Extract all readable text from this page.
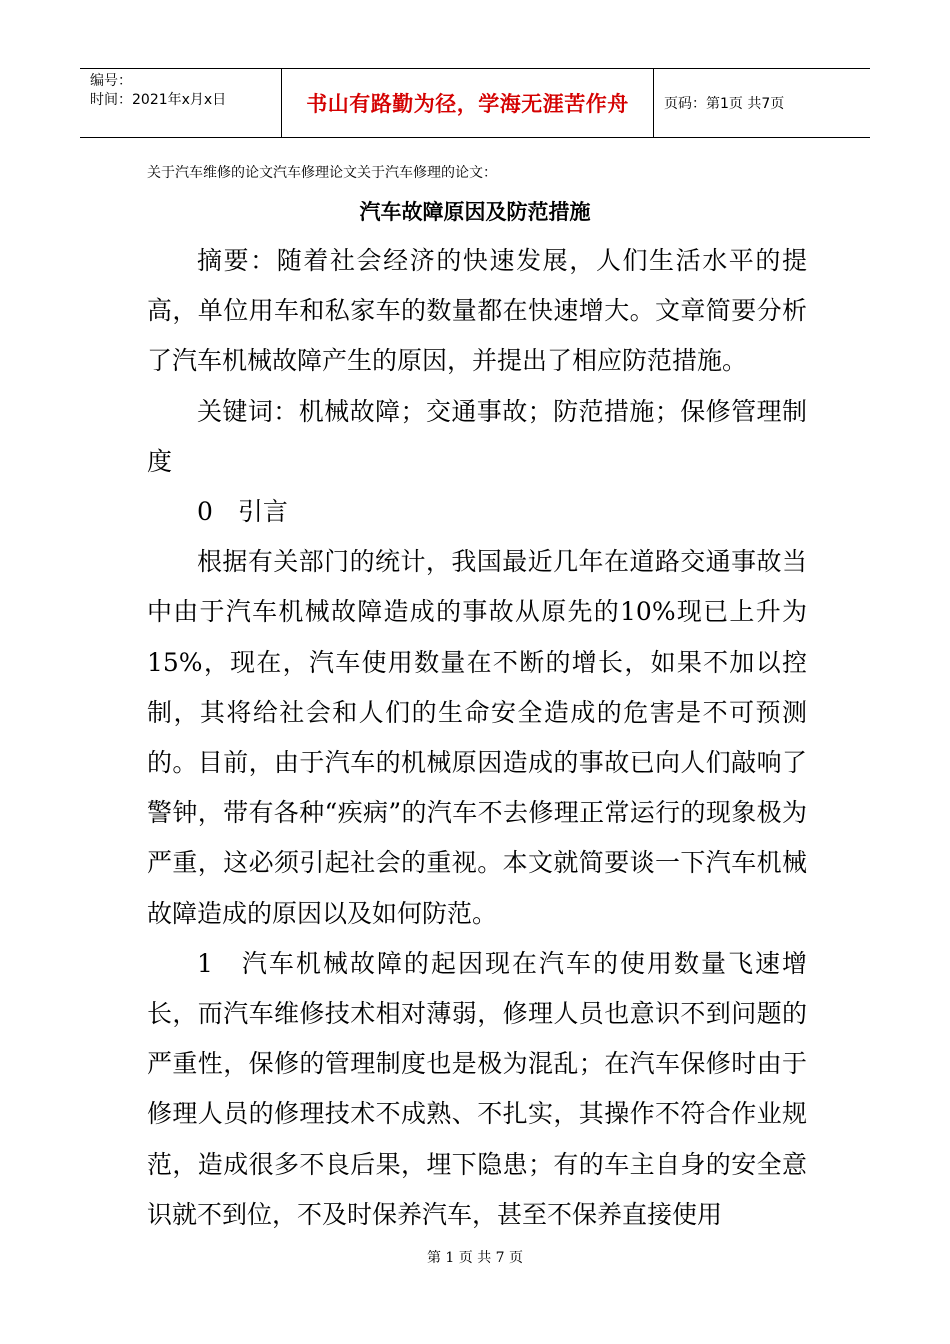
编号：
时间：2021年x月x日	书山有路勤为径，学海无涯苦作舟	页码：第1页 共7页
关于汽车维修的论文汽车修理论文关于汽车修理的论文：
汽车故障原因及防范措施

摘要：随着社会经济的快速发展，人们生活水平的提高，单位用车和私家车的数量都在快速增大。文章简要分析了汽车机械故障产生的原因，并提出了相应防范措施。

关键词：机械故障；交通事故；防范措施；保修管理制度

0　引言

根据有关部门的统计，我国最近几年在道路交通事故当中由于汽车机械故障造成的事故从原先的10%现已上升为15%，现在，汽车使用数量在不断的增长，如果不加以控制，其将给社会和人们的生命安全造成的危害是不可预测的。目前，由于汽车的机械原因造成的事故已向人们敲响了警钟，带有各种“疾病”的汽车不去修理正常运行的现象极为严重，这必须引起社会的重视。本文就简要谈一下汽车机械故障造成的原因以及如何防范。

1　汽车机械故障的起因现在汽车的使用数量飞速增长，而汽车维修技术相对薄弱，修理人员也意识不到问题的严重性，保修的管理制度也是极为混乱；在汽车保修时由于修理人员的修理技术不成熟、不扎实，其操作不符合作业规范，造成很多不良后果，埋下隐患；有的车主自身的安全意识就不到位，不及时保养汽车，甚至不保养直接使用

第 1 页 共 7 页
